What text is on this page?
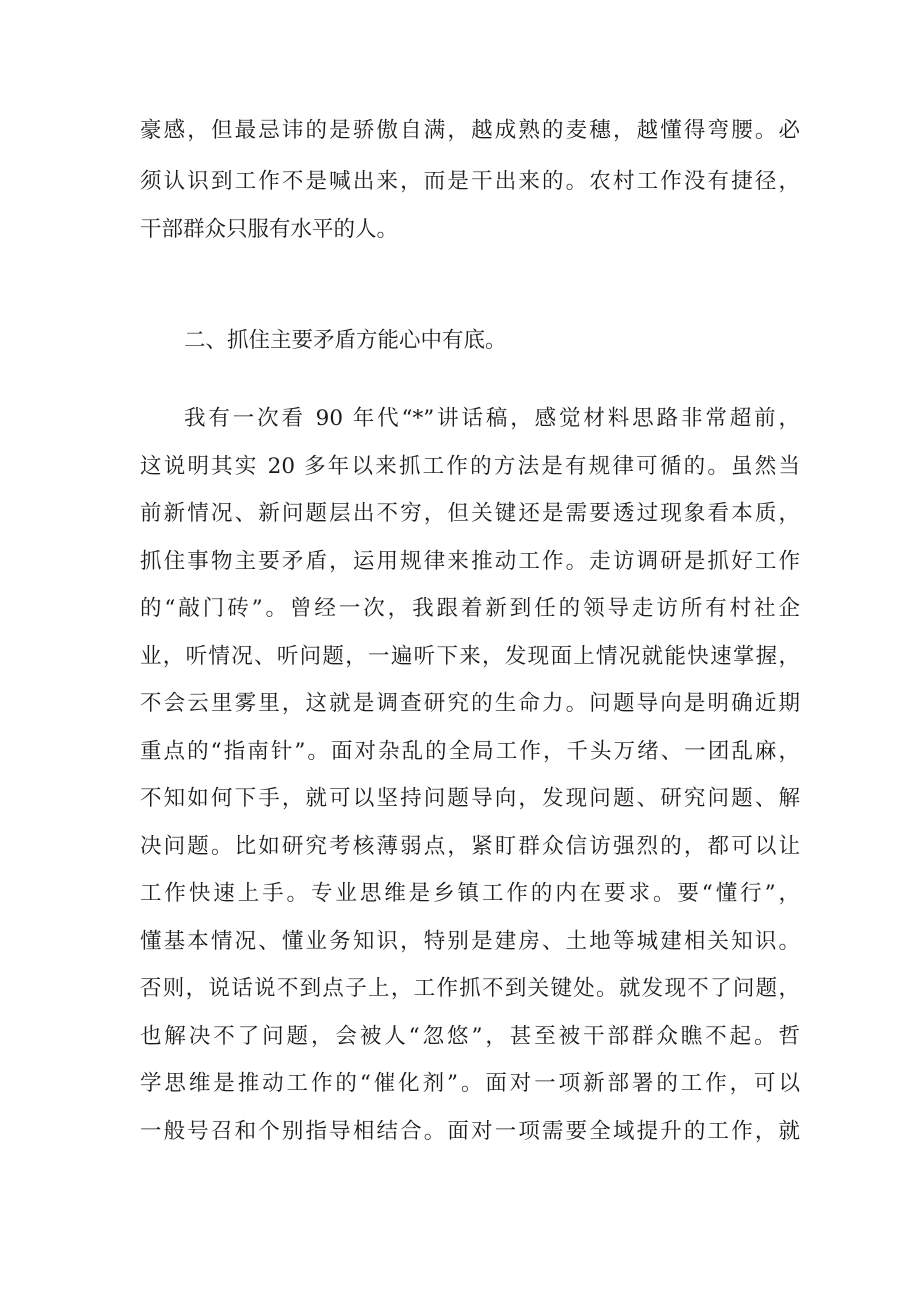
豪感，但最忌讳的是骄傲自满，越成熟的麦穗，越懂得弯腰。必
须认识到工作不是喊出来，而是干出来的。农村工作没有捷径，
干部群众只服有水平的人。
二、抓住主要矛盾方能心中有底。
我有一次看 90 年代“*”讲话稿，感觉材料思路非常超前，
这说明其实 20 多年以来抓工作的方法是有规律可循的。虽然当
前新情况、新问题层出不穷，但关键还是需要透过现象看本质，
抓住事物主要矛盾，运用规律来推动工作。走访调研是抓好工作
的“敲门砖”。曾经一次，我跟着新到任的领导走访所有村社企
业，听情况、听问题，一遍听下来，发现面上情况就能快速掌握，
不会云里雾里，这就是调查研究的生命力。问题导向是明确近期
重点的“指南针”。面对杂乱的全局工作，千头万绪、一团乱麻，
不知如何下手，就可以坚持问题导向，发现问题、研究问题、解
决问题。比如研究考核薄弱点，紧盯群众信访强烈的，都可以让
工作快速上手。专业思维是乡镇工作的内在要求。要“懂行”，
懂基本情况、懂业务知识，特别是建房、土地等城建相关知识。
否则，说话说不到点子上，工作抓不到关键处。就发现不了问题，
也解决不了问题，会被人“忽悠”，甚至被干部群众瞧不起。哲
学思维是推动工作的“催化剂”。面对一项新部署的工作，可以
一般号召和个别指导相结合。面对一项需要全域提升的工作，就
